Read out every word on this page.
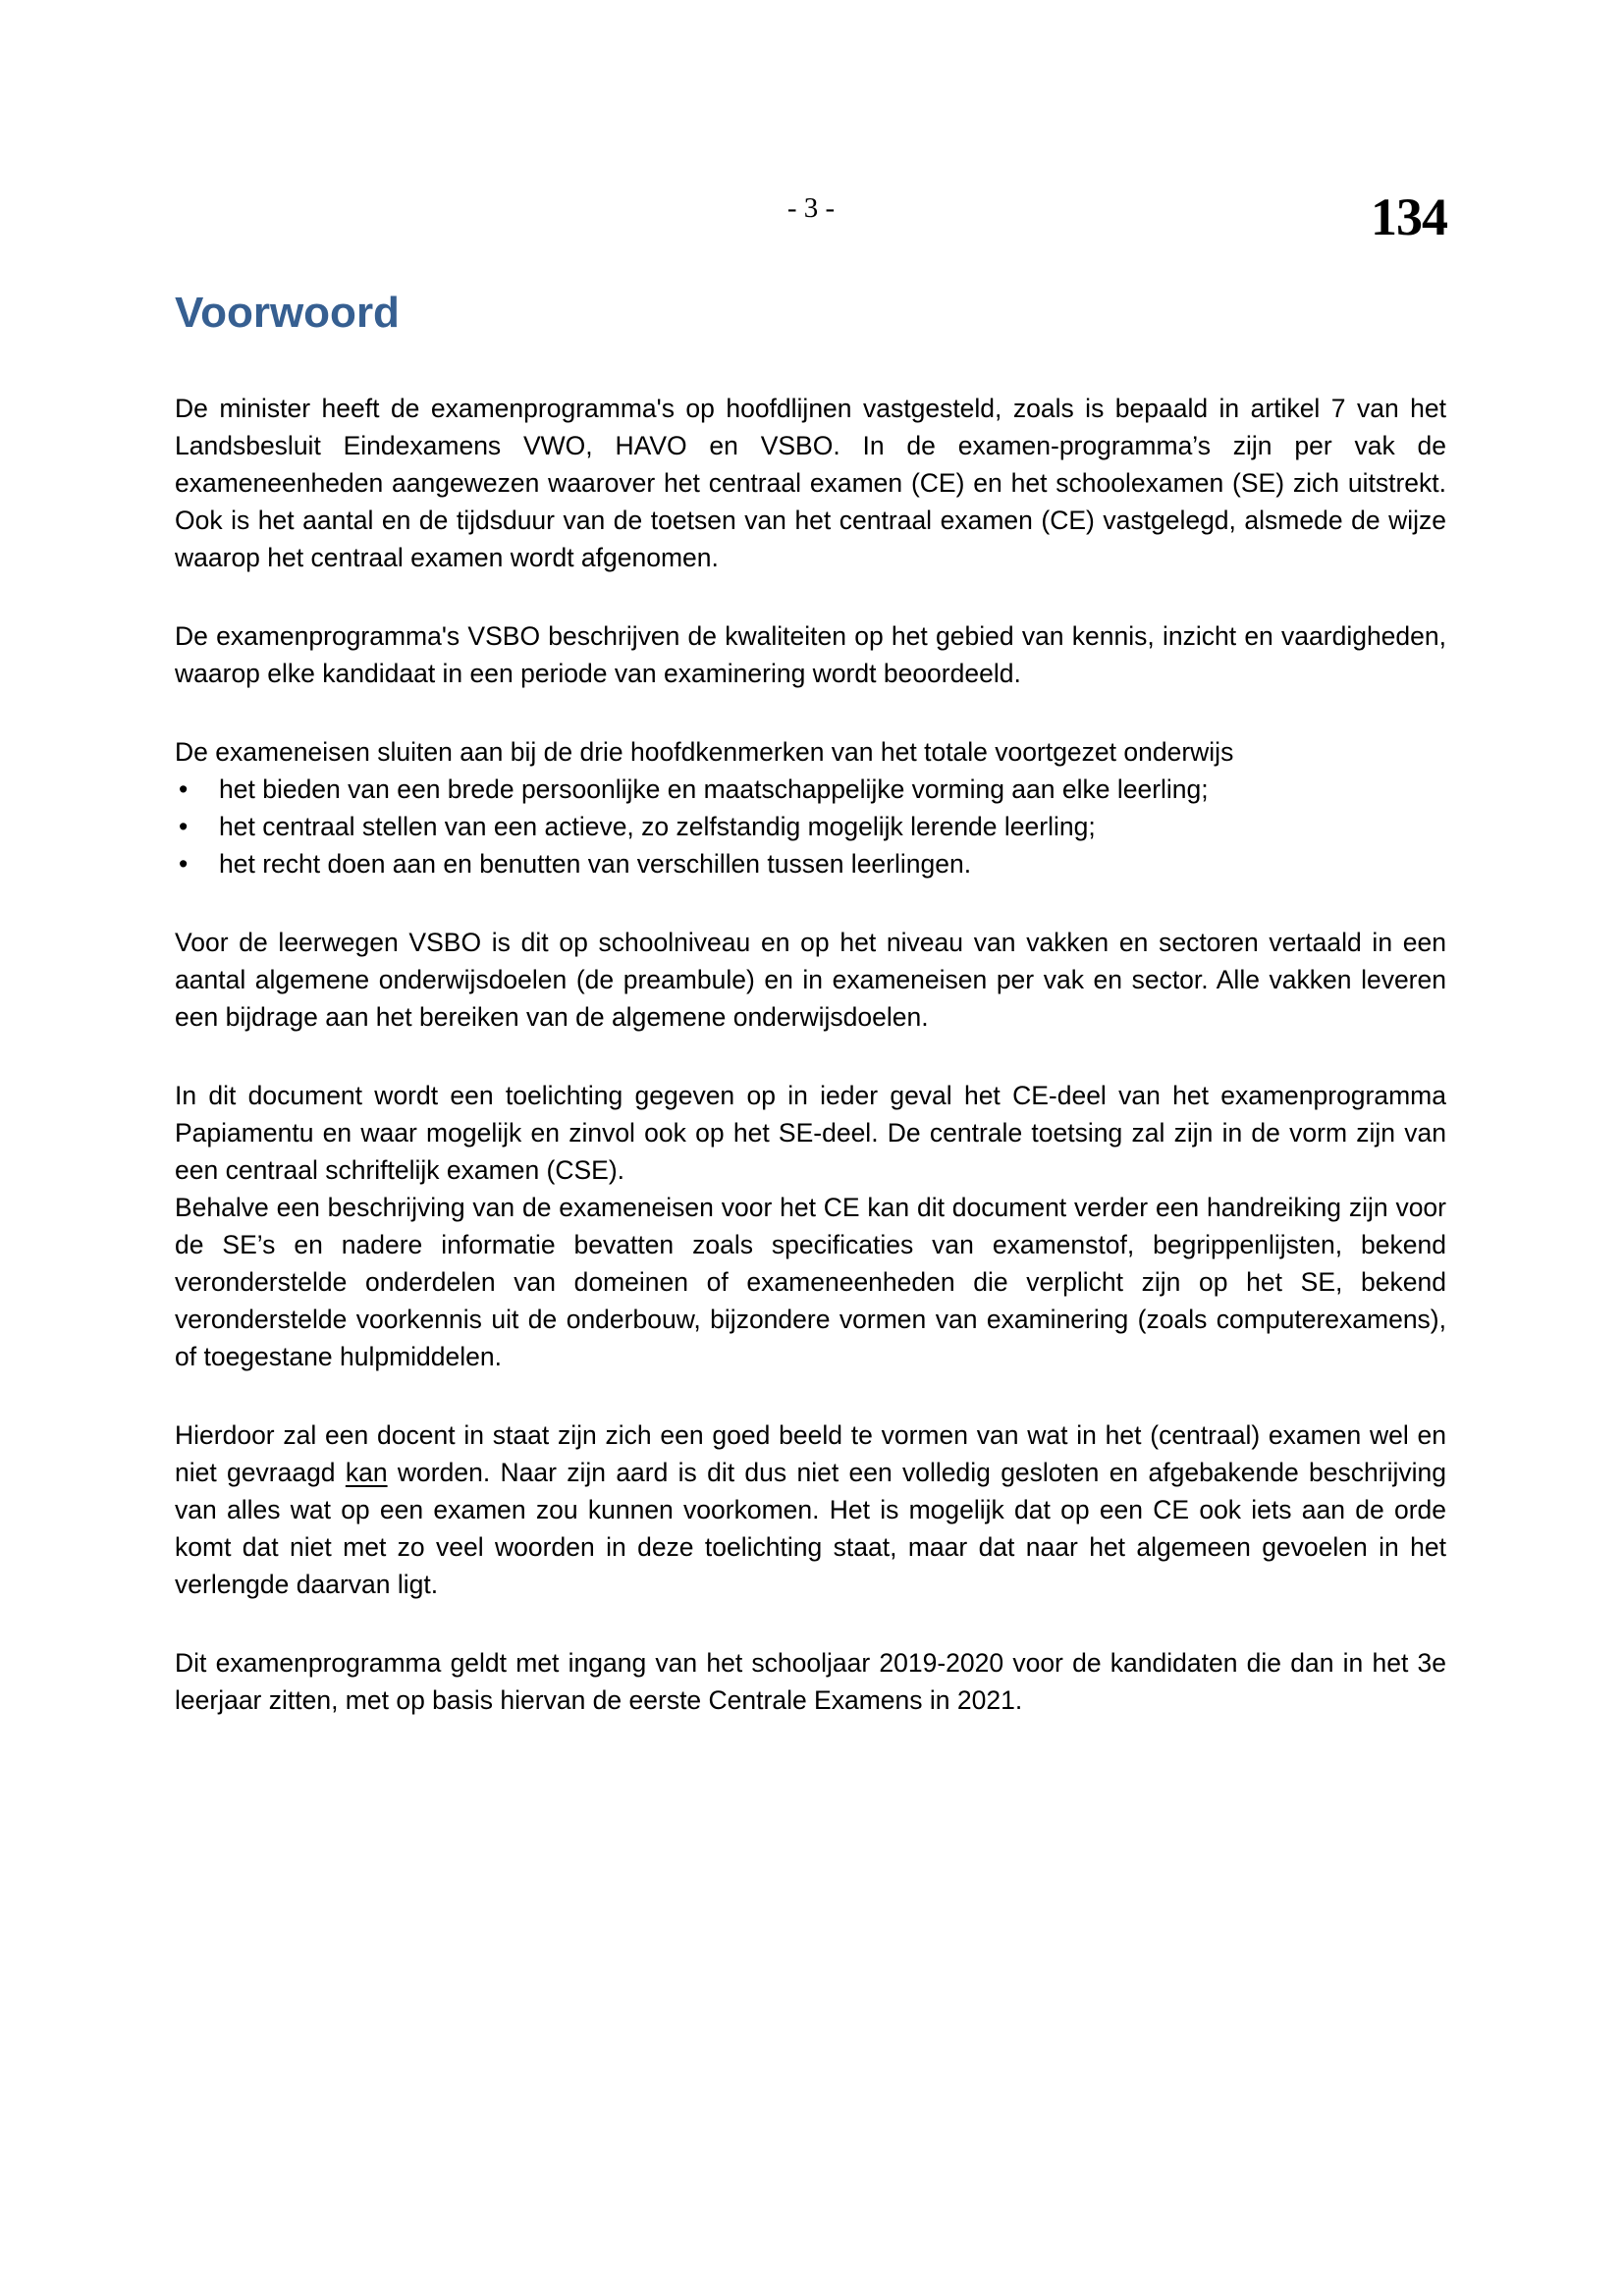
- 3 -	134
Voorwoord

De minister heeft de examenprogramma's op hoofdlijnen vastgesteld, zoals is bepaald in artikel 7 van het Landsbesluit Eindexamens VWO, HAVO en VSBO. In de examen-programma’s zijn per vak de exameneenheden aangewezen waarover het centraal examen (CE) en het schoolexamen (SE) zich uitstrekt. Ook is het aantal en de tijdsduur van de toetsen van het centraal examen (CE) vastgelegd, alsmede de wijze waarop het centraal examen wordt afgenomen.

De examenprogramma's VSBO beschrijven de kwaliteiten op het gebied van kennis, inzicht en vaardigheden, waarop elke kandidaat in een periode van examinering wordt beoordeeld.

De exameneisen sluiten aan bij de drie hoofdkenmerken van het totale voortgezet onderwijs

•	het bieden van een brede persoonlijke en maatschappelijke vorming aan elke leerling;
•	het centraal stellen van een actieve, zo zelfstandig mogelijk lerende leerling;
•	het recht doen aan en benutten van verschillen tussen leerlingen.

Voor de leerwegen VSBO is dit op schoolniveau en op het niveau van vakken en sectoren vertaald in een aantal algemene onderwijsdoelen (de preambule) en in exameneisen per vak en sector. Alle vakken leveren een bijdrage aan het bereiken van de algemene onderwijsdoelen.

In dit document wordt een toelichting gegeven op in ieder geval het CE-deel van het examenprogramma Papiamentu en waar mogelijk en zinvol ook op het SE-deel. De centrale toetsing zal zijn in de vorm zijn van een centraal schriftelijk examen (CSE).

Behalve een beschrijving van de exameneisen voor het CE kan dit document verder een handreiking zijn voor de SE’s en nadere informatie bevatten zoals specificaties van examenstof, begrippenlijsten, bekend veronderstelde onderdelen van domeinen of exameneenheden die verplicht zijn op het SE, bekend veronderstelde voorkennis uit de onderbouw, bijzondere vormen van examinering (zoals computerexamens), of toegestane hulpmiddelen.

Hierdoor zal een docent in staat zijn zich een goed beeld te vormen van wat in het (centraal) examen wel en niet gevraagd kan worden. Naar zijn aard is dit dus niet een volledig gesloten en afgebakende beschrijving van alles wat op een examen zou kunnen voorkomen. Het is mogelijk dat op een CE ook iets aan de orde komt dat niet met zo veel woorden in deze toelichting staat, maar dat naar het algemeen gevoelen in het verlengde daarvan ligt.

Dit examenprogramma geldt met ingang van het schooljaar 2019-2020 voor de kandidaten die dan in het 3e leerjaar zitten, met op basis hiervan de eerste Centrale Examens in 2021.
